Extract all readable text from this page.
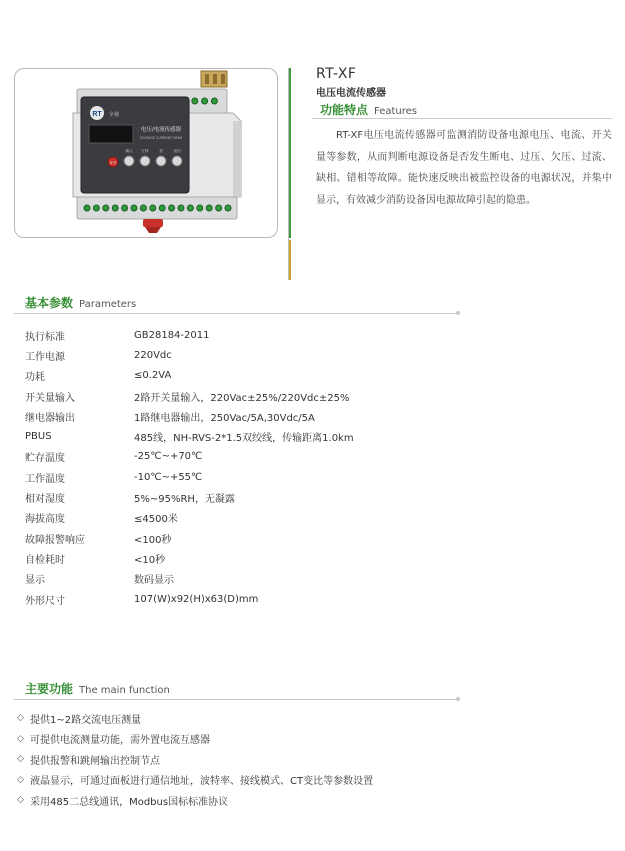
RT 全视
电压/电流传感器
VOLTAGE CURRENT SENS
确认 左移	加	返回
开关
RT-XF
电压电流传感器
功能特点 Features

RT-XF电压电流传感器可监测消防设备电源电压、电流、开关量等参数，从而判断电源设备是否发生断电、过压、欠压、过流、缺相、错相等故障。能快速反映出被监控设备的电源状况，并集中显示，有效减少消防设备因电源故障引起的隐患。

基本参数 Parameters
执行标准	GB28184-2011
工作电源	220Vdc
功耗	≤0.2VA
开关量输入	2路开关量输入，220Vac±25%/220Vdc±25%
继电器输出	1路继电器输出，250Vac/5A,30Vdc/5A
PBUS	485线，NH-RVS-2*1.5双绞线，传输距离1.0km
贮存温度	-25℃~+70℃
工作温度	-10℃~+55℃
相对湿度	5%~95%RH，无凝露
海拔高度	≤4500米
故障报警响应	<100秒
自检耗时	<10秒
显示	数码显示
外形尺寸	107(W)x92(H)x63(D)mm
主要功能 The main function
◇ 提供1~2路交流电压测量
◇ 可提供电流测量功能，需外置电流互感器
◇ 提供报警和跳闸输出控制节点
◇ 液晶显示，可通过面板进行通信地址，波特率、接线模式、CT变比等参数设置
◇ 采用485二总线通讯，Modbus国标标准协议
